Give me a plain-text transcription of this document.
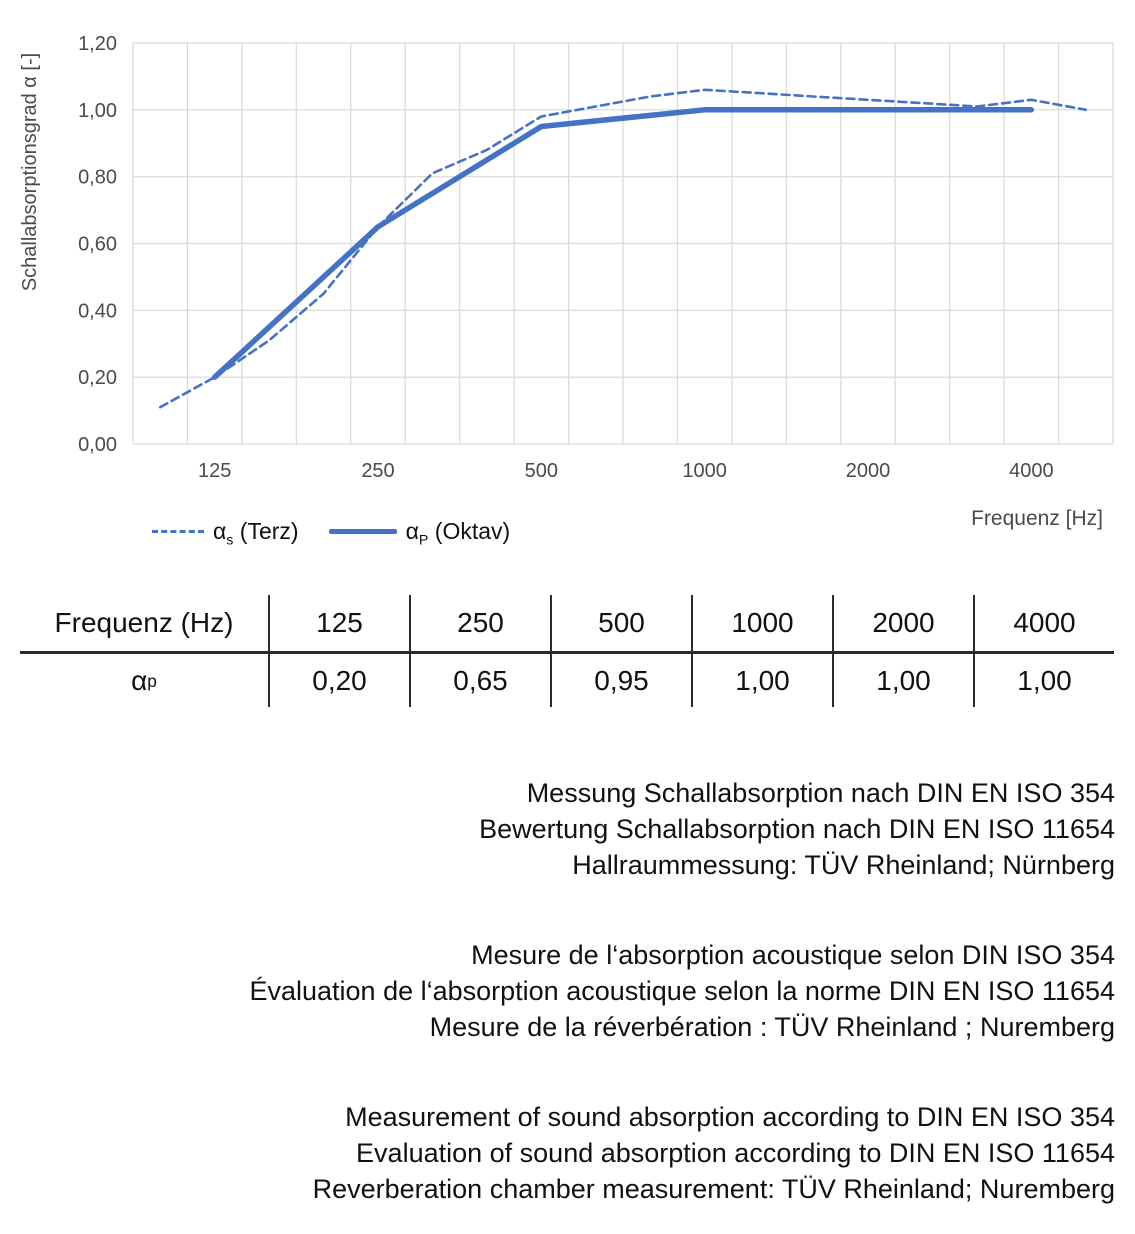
0,00
0,20
0,40
0,60
0,80
1,00
1,20
125	250	500	1000	2000	4000
Schallabsorptionsgrad α [-]
Frequenz [Hz]
$\alpha_s$ (Terz)	$\alpha_P$ (Oktav)
Frequenz (Hz)	125	250	500	1000	2000	4000
α p	0,20	0,65	0,95	1,00	1,00	1,00

Messung Schallabsorption nach DIN EN ISO 354

Bewertung Schallabsorption nach DIN EN ISO 11654

Hallraummessung: TÜV Rheinland; Nürnberg

Mesure de l‘absorption acoustique selon DIN ISO 354

Évaluation de l‘absorption acoustique selon la norme DIN EN ISO 11654

Mesure de la réverbération : TÜV Rheinland ; Nuremberg

Measurement of sound absorption according to DIN EN ISO 354

Evaluation of sound absorption according to DIN EN ISO 11654

Reverberation chamber measurement: TÜV Rheinland; Nuremberg
